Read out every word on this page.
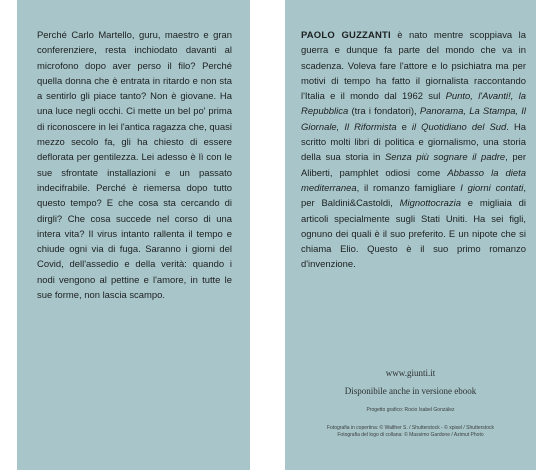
Perché Carlo Martello, guru, maestro e gran conferenziere, resta inchiodato davanti al microfono dopo aver perso il filo? Perché quella donna che è entrata in ritardo e non sta a sentirlo gli piace tanto? Non è giovane. Ha una luce negli occhi. Ci mette un bel po' prima di riconoscere in lei l'antica ragazza che, quasi mezzo secolo fa, gli ha chiesto di essere deflorata per gentilezza. Lei adesso è lì con le sue sfrontate installazioni e un passato indecifrabile. Perché è riemersa dopo tutto questo tempo? E che cosa sta cercando di dirgli? Che cosa succede nel corso di una intera vita? Il virus intanto rallenta il tempo e chiude ogni via di fuga. Saranno i giorni del Covid, dell'assedio e della verità: quando i nodi vengono al pettine e l'amore, in tutte le sue forme, non lascia scampo.

PAOLO GUZZANTI è nato mentre scoppiava la guerra e dunque fa parte del mondo che va in scadenza. Voleva fare l'attore e lo psichiatra ma per motivi di tempo ha fatto il giornalista raccontando l'Italia e il mondo dal 1962 sul Punto, l'Avanti!, la Repubblica (tra i fondatori), Panorama, La Stampa, Il Giornale, Il Riformista e il Quotidiano del Sud. Ha scritto molti libri di politica e giornalismo, una storia della sua storia in Senza più sognare il padre, per Aliberti, pamphlet odiosi come Abbasso la dieta mediterranea, il romanzo famigliare I giorni contati, per Baldini&Castoldi, Mignottocrazia e migliaia di articoli specialmente sugli Stati Uniti. Ha sei figli, ognuno dei quali è il suo preferito. E un nipote che si chiama Elio. Questo è il suo primo romanzo d'invenzione.

www.giunti.it
Disponibile anche in versione ebook
Progetto grafico: Rocio Isabel González
Fotografia in copertina: © Walther S. / Shutterstock - © xpixel / Shutterstock
Fotografia del logo di collana: © Massimo Gardone / Azimut Photo
